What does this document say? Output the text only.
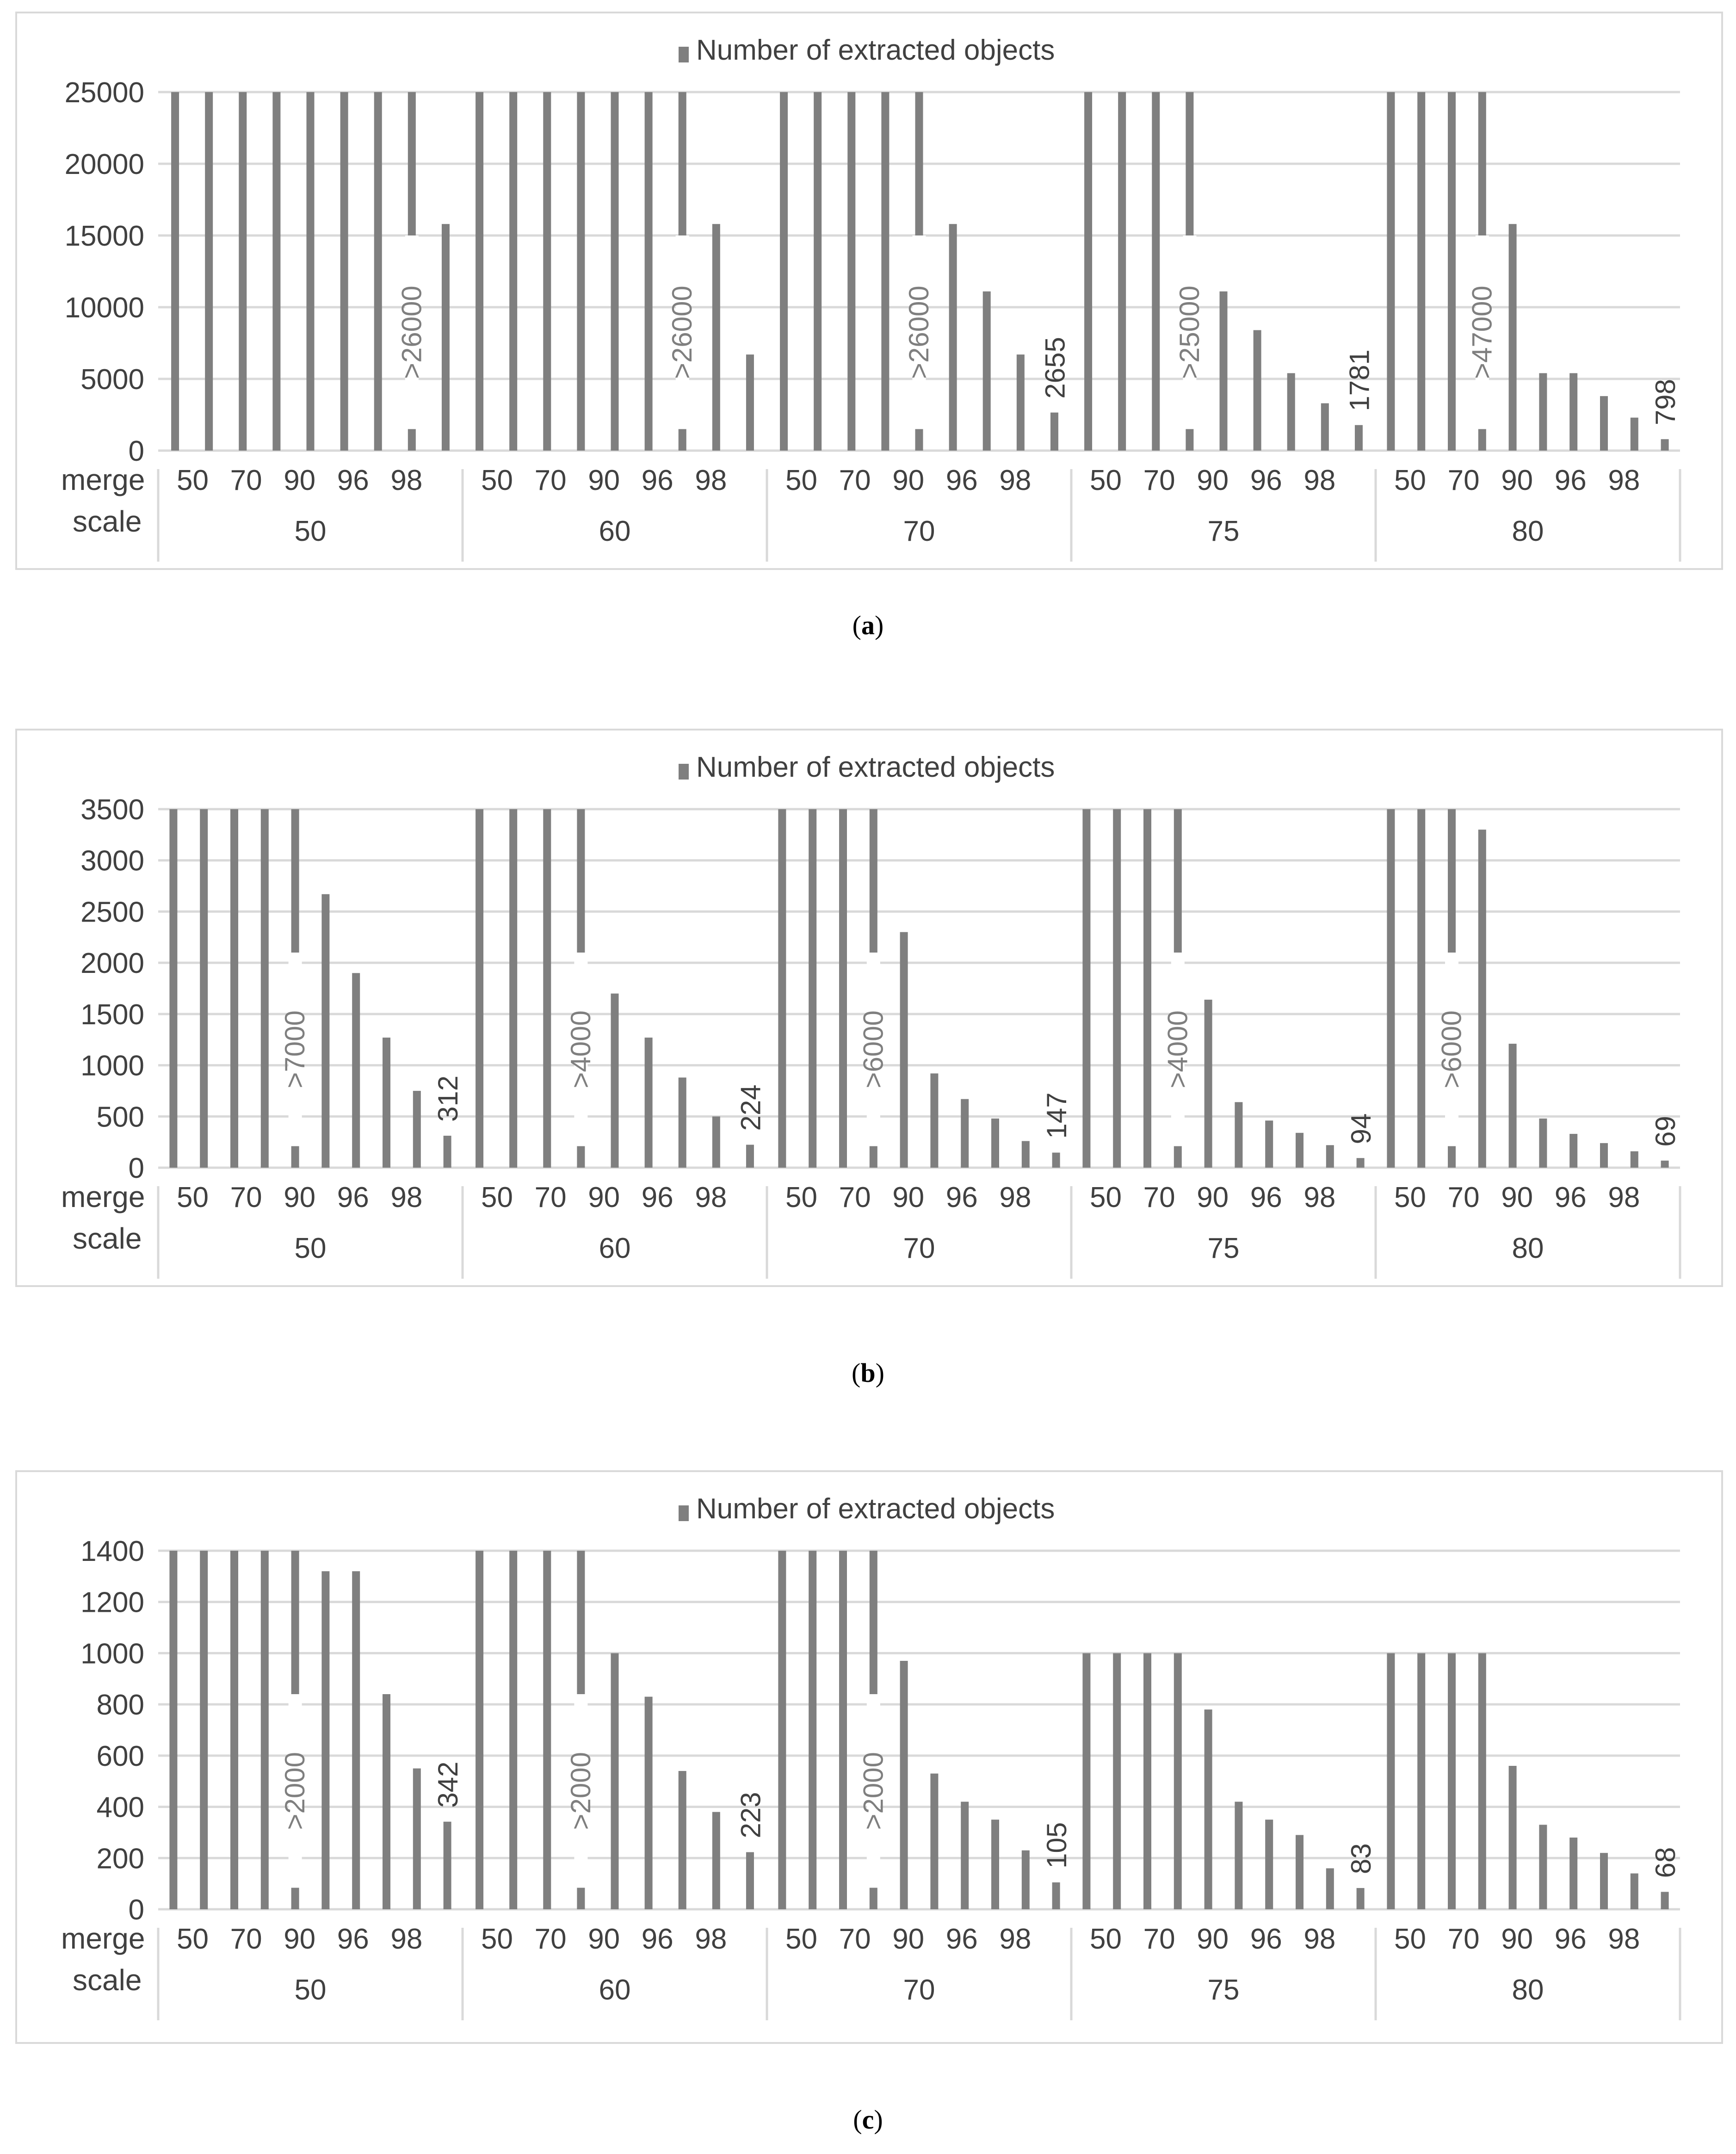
Number of extracted objects
0
5000
10000
15000
20000
25000
50
50 70 90 96 98
>26000
60
50 70 90 96 98
>26000
70
50 70 90 96 98
>26000	2655
75
50 70 90 96 98
>25000
1781
80
50 70 90 96 98
>47000
798
merge
scale
(a)
Number of extracted objects
0
500
1000
1500
2000
2500
3000
3500
50
50 70 90 96 98
>7000
312
60
50 70 90 96 98
>4000
224
70
50 70 90 96 98
>6000
147
75
50 70 90 96 98
>4000
94
80
50 70 90 96 98
>6000
69
merge
scale
(b)
Number of extracted objects
0
200
400
600
800
1000
1200
1400
50
50 70 90 96 98
>2000	342
60
50 70 90 96 98
>2000	223
70
50 70 90 96 98
>2000
105
75
50 70 90 96 98
83
80
50 70 90 96 98
68
merge
scale
(c)
